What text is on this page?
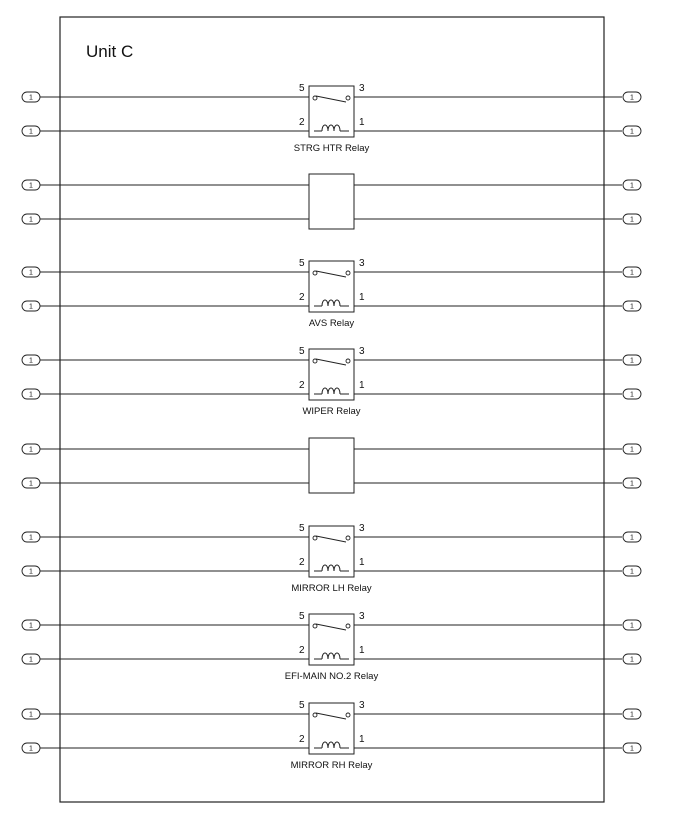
Unit C
1
1
1
1
5	3
2	1
STRG HTR Relay
1
1
1
1
1
1
1
1
5	3
2	1
AVS Relay
1
1
1
1
5	3
2	1
WIPER Relay
1
1
1
1
1
1
1
1
5	3
2	1
MIRROR LH Relay
1
1
1
1
5	3
2	1
EFI-MAIN NO.2 Relay
1
1
1
1
5	3
2	1
MIRROR RH Relay
